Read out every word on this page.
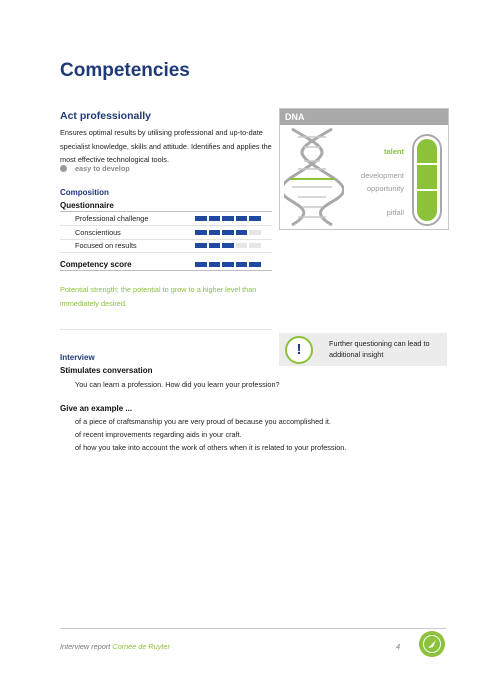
Competencies
Act professionally
Ensures optimal results by utilising professional and up-to-date specialist knowledge, skills and attitude. Identifies and applies the most effective technological tools.
easy to develop
Composition
Questionnaire
Professional challenge
Conscientious
Focused on results
Competency score
Potential strength; the potential to grow to a higher level than immediately desired.
DNA
talent
development
opportunity
pitfall
!	Further questioning can lead to additional insight
Interview
Stimulates conversation
You can learn a profession. How did you learn your profession?
Give an example ...
of a piece of craftsmanship you are very proud of because you accomplished it.
of recent improvements regarding aids in your craft.
of how you take into account the work of others when it is related to your profession.
Interview report Cornée de Ruyter	4
